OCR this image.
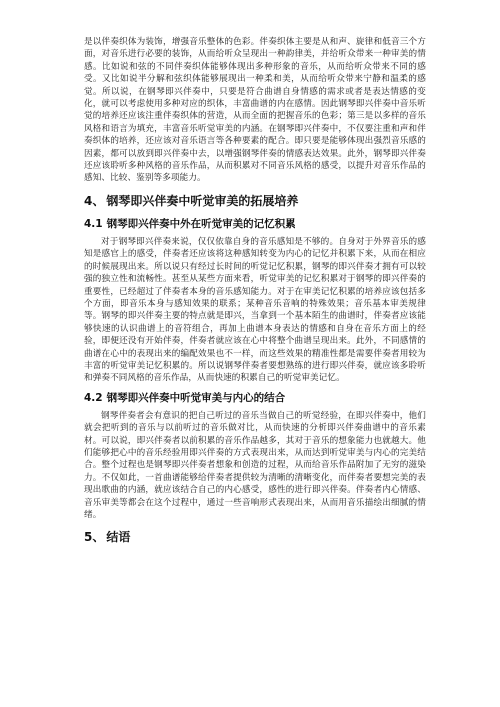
是以伴奏织体为装饰，增强音乐整体的色彩。伴奏织体主要是从和声、旋律和低音三个方面，对音乐进行必要的装饰，从而给听众呈现出一种韵律美，并给听众带来一种审美的情感。比如说和弦的不同伴奏织体能够体现出多种形象的音乐，从而给听众带来不同的感受。又比如说半分解和弦织体能够展现出一种柔和美，从而给听众带来宁静和温柔的感觉。所以说，在钢琴即兴伴奏中，只要是符合曲谱自身情感的需求或者是表达情感的变化，就可以考虑使用多种对应的织体，丰富曲谱的内在感情。因此钢琴即兴伴奏中音乐听觉的培养还应该注重伴奏织体的营造，从而全面的把握音乐的色彩；第三是以多样的音乐风格和语言为填充，丰富音乐听觉审美的内涵。在钢琴即兴伴奏中，不仅要注重和声和伴奏织体的培养，还应该对音乐语言等各种要素的配合。即只要是能够体现出强烈音乐感的因素，都可以放到即兴伴奏中去，以增强钢琴伴奏的情感表达效果。此外，钢琴即兴伴奏还应该聆听多种风格的音乐作品，从而积累对不同音乐风格的感受，以提升对音乐作品的感知、比较、鉴别等多项能力。

4、 钢琴即兴伴奏中听觉审美的拓展培养
4.1 钢琴即兴伴奏中外在听觉审美的记忆积累

对于钢琴即兴伴奏来说，仅仅依靠自身的音乐感知是不够的。自身对于外界音乐的感知是感官上的感受，伴奏者还应该将这种感知转变为内心的记忆并积累下来，从而在相应的时候展现出来。所以说只有经过长时间的听觉记忆积累，钢琴的即兴伴奏才拥有可以较强的独立性和流畅性。甚至从某些方面来看，听觉审美的记忆积累对于钢琴的即兴伴奏的重要性，已经超过了伴奏者本身的音乐感知能力。对于在审美记忆积累的培养应该包括多个方面，即音乐本身与感知效果的联系；某种音乐音响的特殊效果；音乐基本审美规律等。钢琴的即兴伴奏主要的特点就是即兴，当拿到一个基本陌生的曲谱时，伴奏者应该能够快速的认识曲谱上的音符组合，再加上曲谱本身表达的情感和自身在音乐方面上的经验，即便还没有开始伴奏，伴奏者就应该在心中将整个曲谱呈现出来。此外，不同感情的曲谱在心中的表现出来的编配效果也不一样，而这些效果的精准性都是需要伴奏者用较为丰富的听觉审美记忆积累的。所以说钢琴伴奏者要想熟练的进行即兴伴奏，就应该多聆听和弹奏不同风格的音乐作品，从而快速的积累自己的听觉审美记忆。

4.2 钢琴即兴伴奏中听觉审美与内心的结合

钢琴伴奏者会有意识的把自己听过的音乐当做自己的听觉经验，在即兴伴奏中，他们就会把听到的音乐与以前听过的音乐做对比，从而快速的分析即兴伴奏曲谱中的音乐素材。可以说，即兴伴奏者以前积累的音乐作品越多，其对于音乐的想象能力也就越大。他们能够把心中的音乐经验用即兴伴奏的方式表现出来，从而达到听觉审美与内心的完美结合。整个过程也是钢琴即兴伴奏者想象和创造的过程，从而给音乐作品附加了无穷的滋染力。不仅如此，一首曲谱能够给伴奏者提供较为清晰的清晰变化，而伴奏者要想完美的表现出歌曲的内涵，就应该结合自己的内心感受，感性的进行即兴伴奏。伴奏者内心情感、音乐审美等都会在这个过程中，通过一些音响形式表现出来，从而用音乐描绘出细腻的情绪。

5、 结语
